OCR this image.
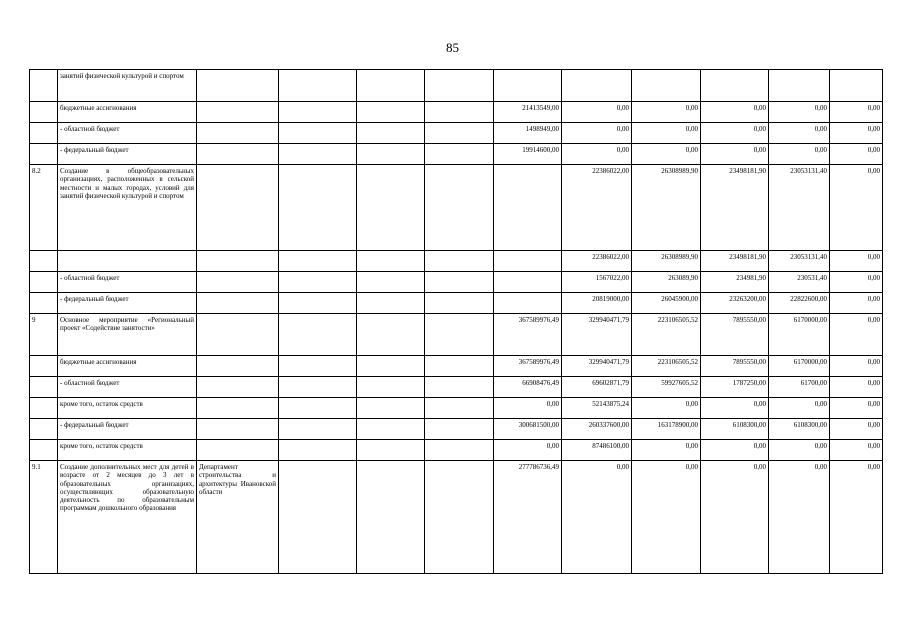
85
	занятий физической культурой и спортом										
	бюджетные ассигнования					21413549,00	0,00	0,00	0,00	0,00	0,00
	- областной бюджет					1498949,00	0,00	0,00	0,00	0,00	0,00
	- федеральный бюджет					19914600,00	0,00	0,00	0,00	0,00	0,00
8.2	Создание в общеобразовательных организациях, расположенных в сельской местности и малых городах, условий для занятий физической культурой и спортом						22386022,00	26308989,90	23498181,90	23053131,40	0,00
							22386022,00	26308989,90	23498181,90	23053131,40	0,00
	- областной бюджет						1567022,00	263089,90	234981,90	230531,40	0,00
	- федеральный бюджет						20819000,00	26045900,00	23263200,00	22822600,00	0,00
9	Основное мероприятие «Региональный проект «Содействие занятости»					367589976,49	329940471,79	223106505,52	7895550,00	6170000,00	0,00
	бюджетные ассигнования					367589976,49	329940471,79	223106505,52	7895550,00	6170000,00	0,00
	- областной бюджет					66908476,49	69602871,79	59927605,52	1787250,00	61700,00	0,00
	кроме того, остаток средств					0,00	52143875,24	0,00	0,00	0,00	0,00
	- федеральный бюджет					300681500,00	260337600,00	163178900,00	6108300,00	6108300,00	0,00
	кроме того, остаток средств					0,00	87486100,00	0,00	0,00	0,00	0,00
9.1	Создание дополнительных мест для детей в возрасте от 2 месяцев до 3 лет в образовательных организациях, осуществляющих образовательную деятельность по образовательным программам дошкольного образования	Департамент строительства и архитектуры Ивановской области				277786736,49	0,00	0,00	0,00	0,00	0,00
